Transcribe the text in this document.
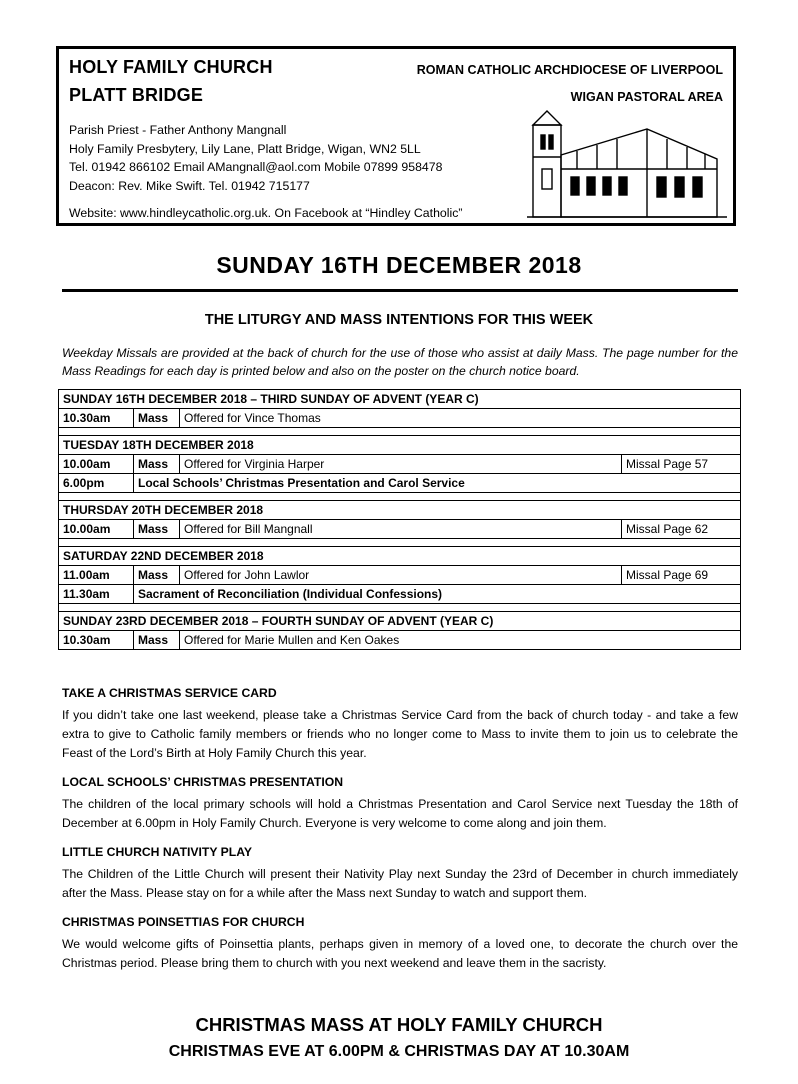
HOLY FAMILY CHURCH
PLATT BRIDGE
ROMAN CATHOLIC ARCHDIOCESE OF LIVERPOOL
WIGAN PASTORAL AREA
Parish Priest - Father Anthony Mangnall
Holy Family Presbytery, Lily Lane, Platt Bridge, Wigan, WN2 5LL
Tel. 01942 866102 Email AMangnall@aol.com Mobile 07899 958478
Deacon: Rev. Mike Swift. Tel. 01942 715177
Website: www.hindleycatholic.org.uk. On Facebook at “Hindley Catholic”
SUNDAY 16TH DECEMBER 2018
THE LITURGY AND MASS INTENTIONS FOR THIS WEEK
Weekday Missals are provided at the back of church for the use of those who assist at daily Mass. The page number for the Mass Readings for each day is printed below and also on the poster on the church notice board.
SUNDAY 16TH DECEMBER 2018 – THIRD SUNDAY OF ADVENT (YEAR C)			
10.30am	Mass	Offered for Vince Thomas	

TUESDAY 18TH DECEMBER 2018			
10.00am	Mass	Offered for Virginia Harper	Missal Page 57
6.00pm	Local Schools’ Christmas Presentation and Carol Service		

THURSDAY 20TH DECEMBER 2018			
10.00am	Mass	Offered for Bill Mangnall	Missal Page 62

SATURDAY 22ND DECEMBER 2018			
11.00am	Mass	Offered for John Lawlor	Missal Page 69
11.30am	Sacrament of Reconciliation (Individual Confessions)		

SUNDAY 23RD DECEMBER 2018 – FOURTH SUNDAY OF ADVENT (YEAR C)			
10.30am	Mass	Offered for Marie Mullen and Ken Oakes	
TAKE A CHRISTMAS SERVICE CARD
If you didn’t take one last weekend, please take a Christmas Service Card from the back of church today - and take a few extra to give to Catholic family members or friends who no longer come to Mass to invite them to join us to celebrate the Feast of the Lord’s Birth at Holy Family Church this year.
LOCAL SCHOOLS’ CHRISTMAS PRESENTATION
The children of the local primary schools will hold a Christmas Presentation and Carol Service next Tuesday the 18th of December at 6.00pm in Holy Family Church. Everyone is very welcome to come along and join them.
LITTLE CHURCH NATIVITY PLAY
The Children of the Little Church will present their Nativity Play next Sunday the 23rd of December in church immediately after the Mass. Please stay on for a while after the Mass next Sunday to watch and support them.
CHRISTMAS POINSETTIAS FOR CHURCH
We would welcome gifts of Poinsettia plants, perhaps given in memory of a loved one, to decorate the church over the Christmas period. Please bring them to church with you next weekend and leave them in the sacristy.
CHRISTMAS MASS AT HOLY FAMILY CHURCH
CHRISTMAS EVE AT 6.00PM & CHRISTMAS DAY AT 10.30AM
